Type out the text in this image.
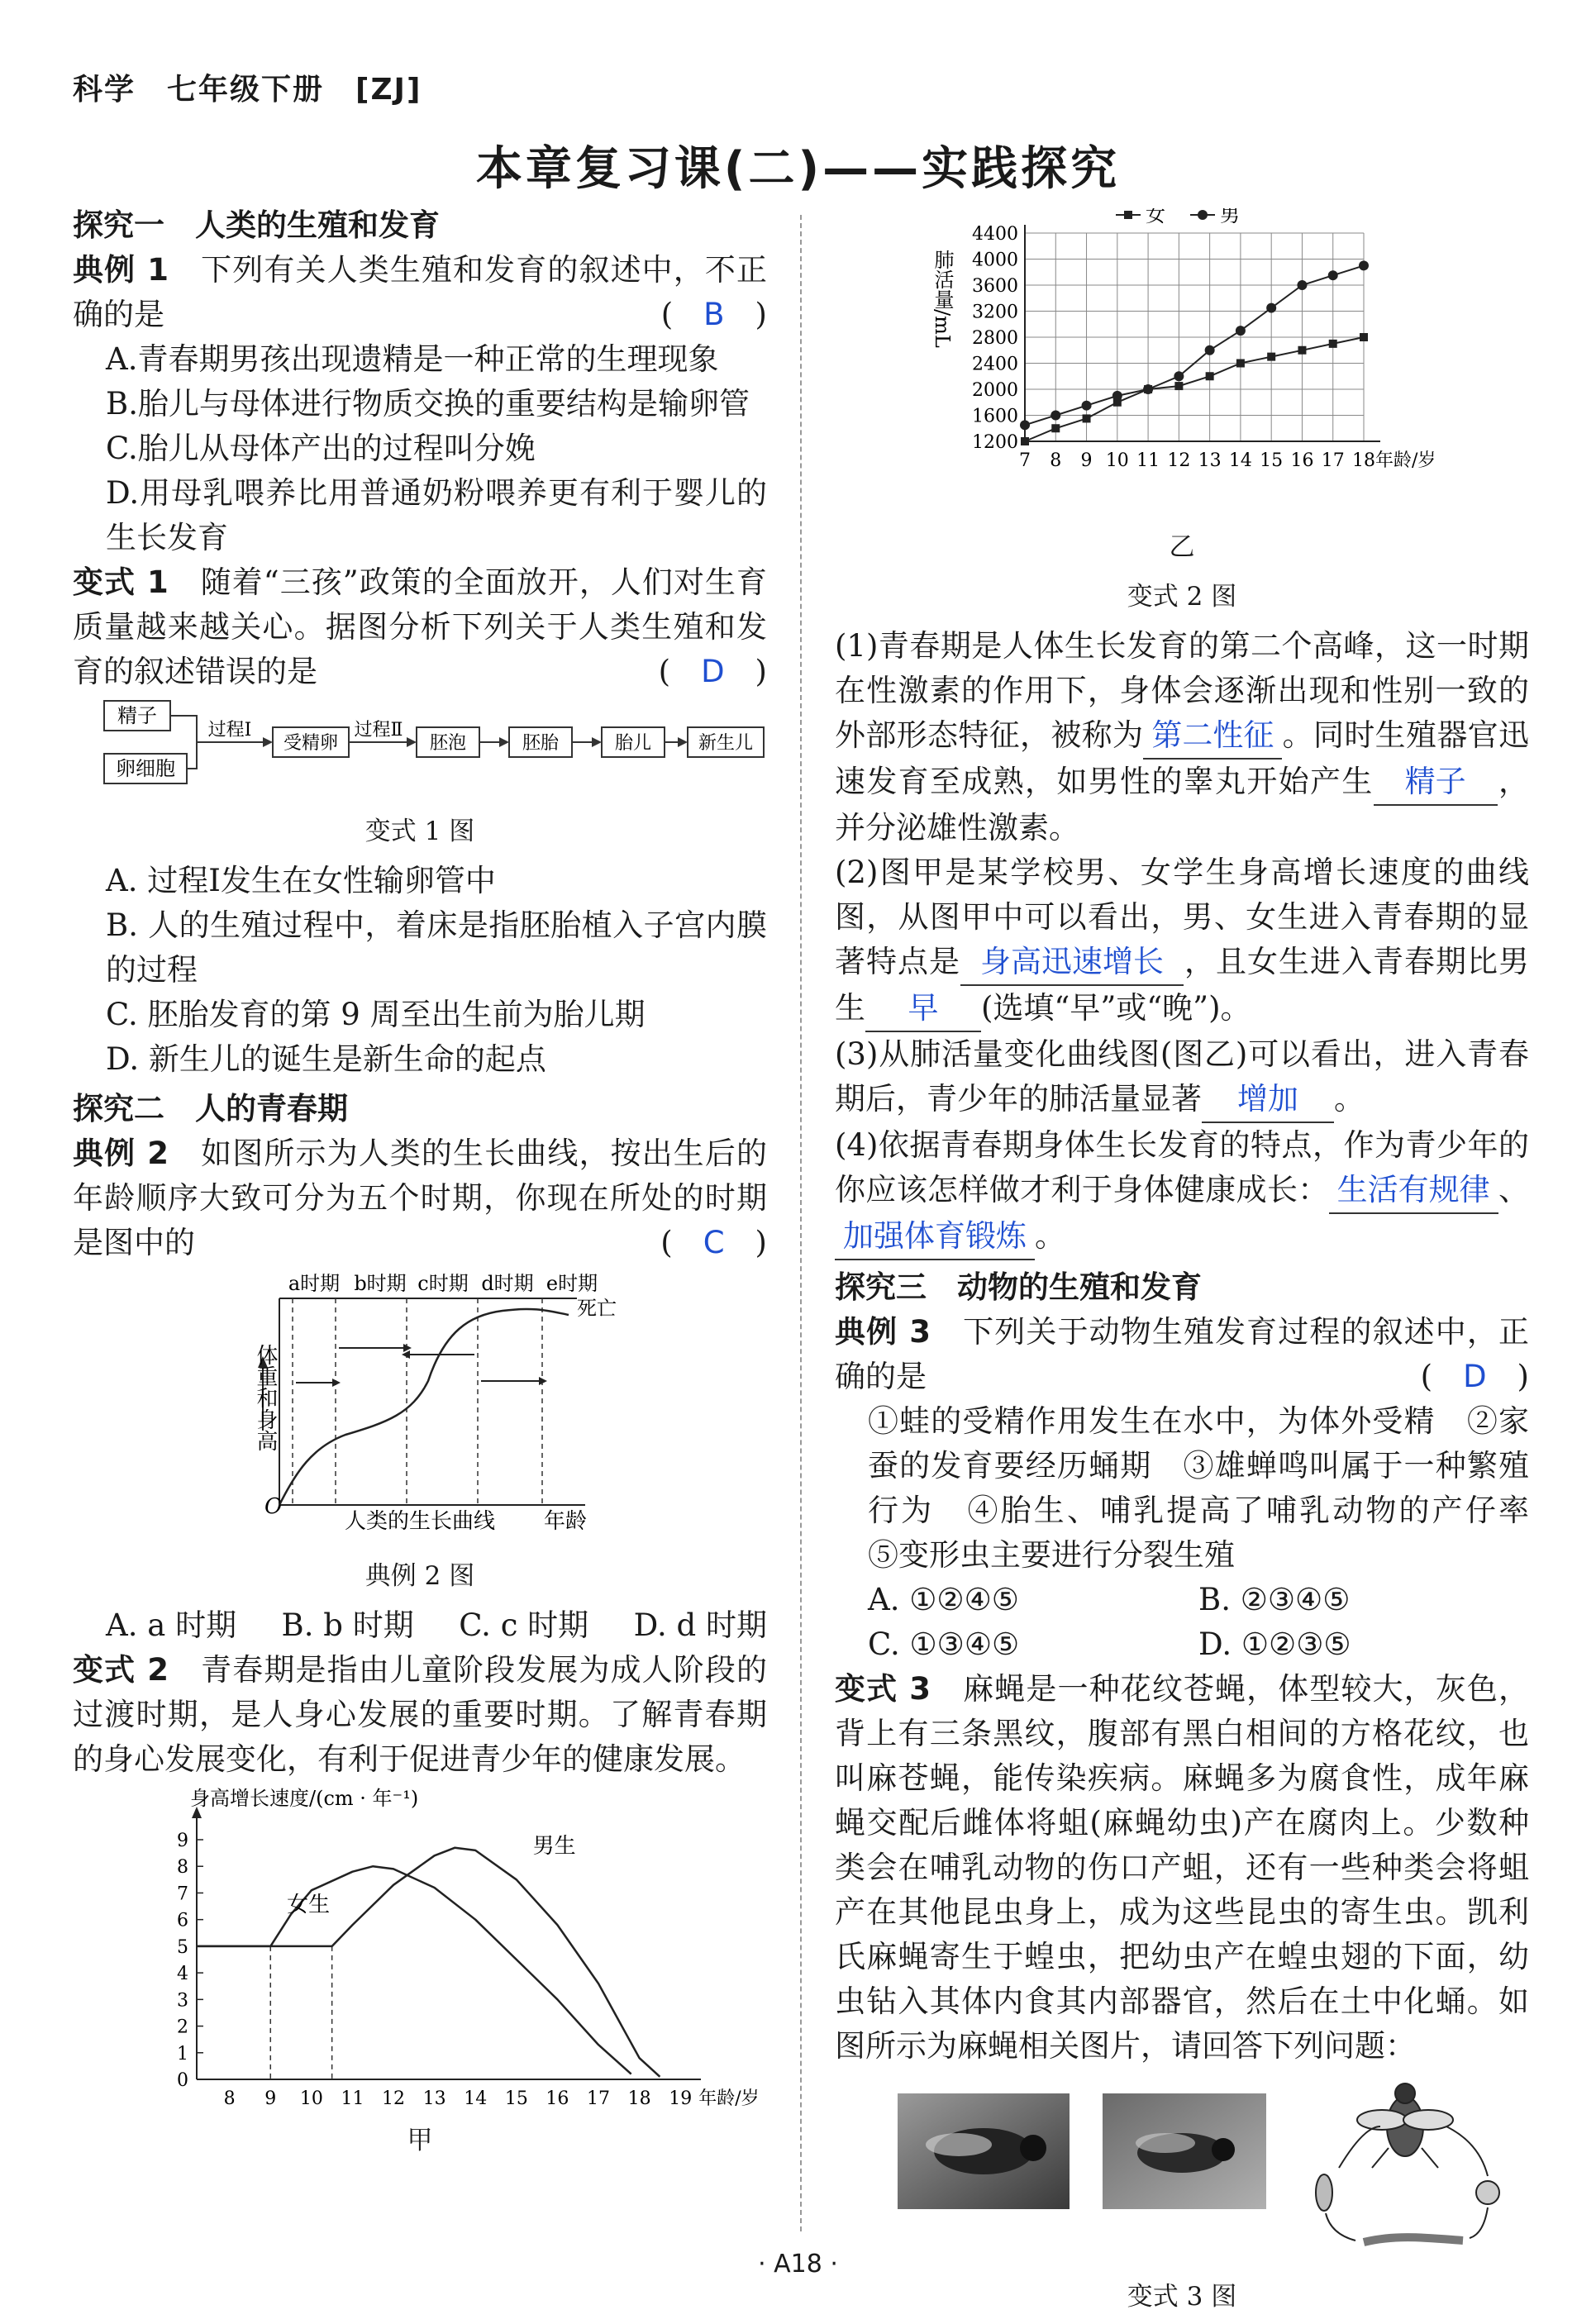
科学　七年级下册　[ZJ]
本章复习课(二)——实践探究
探究一　人类的生殖和发育

典例 1　 下列有关人类生殖和发育的叙述中，不正确的是	(　B　)

A.青春期男孩出现遗精是一种正常的生理现象

B.胎儿与母体进行物质交换的重要结构是输卵管

C.胎儿从母体产出的过程叫分娩

D.用母乳喂养比用普通奶粉喂养更有利于婴儿的生长发育

变式 1　 随着“三孩”政策的全面放开，人们对生育质量越来越关心。据图分析下列关于人类生殖和发育的叙述错误的是	(　D　)

精子
卵细胞
过程Ⅰ
受精卵
过程Ⅱ
胚泡	胚胎	胎儿	新生儿
变式 1 图

A. 过程Ⅰ发生在女性输卵管中

B. 人的生殖过程中，着床是指胚胎植入子宫内膜的过程

C. 胚胎发育的第 9 周至出生前为胎儿期

D. 新生儿的诞生是新生命的起点

探究二　人的青春期

典例 2　 如图所示为人类的生长曲线，按出生后的年龄顺序大致可分为五个时期，你现在所处的时期是图中的	(　C　)

体重和身高
O
a时期 b时期 c时期 d时期 e时期
死亡
人类的生长曲线 年龄
典例 2 图
A. a 时期 B. b 时期 C. c 时期 D. d 时期

变式 2　 青春期是指由儿童阶段发展为成人阶段的过渡时期，是人身心发展的重要时期。了解青春期的身心发展变化，有利于促进青少年的健康发展。

身高增长速度/(cm · 年⁻¹)
0
1
2
3
4
5
6
7
8
9
8 9 10 11 12 13 14 15 16 17 18 19 年龄/岁
女生
男生
甲
1200
1600
2000
2400
2800
3200
3600
4000
4400
7 8 9 10 11 12 13 14 15 16 17 18 年龄/岁
肺活量/mL
女	男
乙
变式 2 图

(1)青春期是人体生长发育的第二个高峰，这一时期在性激素的作用下，身体会逐渐出现和性别一致的外部形态特征，被称为 第二性征 。同时生殖器官迅速发育至成熟，如男性的睾丸开始产生 精子 ，并分泌雄性激素。

(2)图甲是某学校男、女学生身高增长速度的曲线图，从图甲中可以看出，男、女生进入青春期的显著特点是 身高迅速增长 ，且女生进入青春期比男生 早 (选填“早”或“晚”)。

(3)从肺活量变化曲线图(图乙)可以看出，进入青春期后，青少年的肺活量显著 增加 。

(4)依据青春期身体生长发育的特点，作为青少年的你应该怎样做才利于身体健康成长： 生活有规律 、加强体育锻炼 。

探究三　动物的生殖和发育

典例 3　 下列关于动物生殖发育过程的叙述中，正确的是	(　D　)

①蛙的受精作用发生在水中，为体外受精　②家蚕的发育要经历蛹期　③雄蝉鸣叫属于一种繁殖行为　④胎生、哺乳提高了哺乳动物的产仔率　⑤变形虫主要进行分裂生殖

A. ①②④⑤	B. ②③④⑤
C. ①③④⑤	D. ①②③⑤

变式 3　 麻蝇是一种花纹苍蝇，体型较大，灰色，背上有三条黑纹，腹部有黑白相间的方格花纹，也叫麻苍蝇，能传染疾病。麻蝇多为腐食性，成年麻蝇交配后雌体将蛆(麻蝇幼虫)产在腐肉上。少数种类会在哺乳动物的伤口产蛆，还有一些种类会将蛆产在其他昆虫身上，成为这些昆虫的寄生虫。凯利氏麻蝇寄生于蝗虫，把幼虫产在蝗虫翅的下面，幼虫钻入其体内食其内部器官，然后在土中化蛹。如图所示为麻蝇相关图片，请回答下列问题：

变式 3 图
· A18 ·
